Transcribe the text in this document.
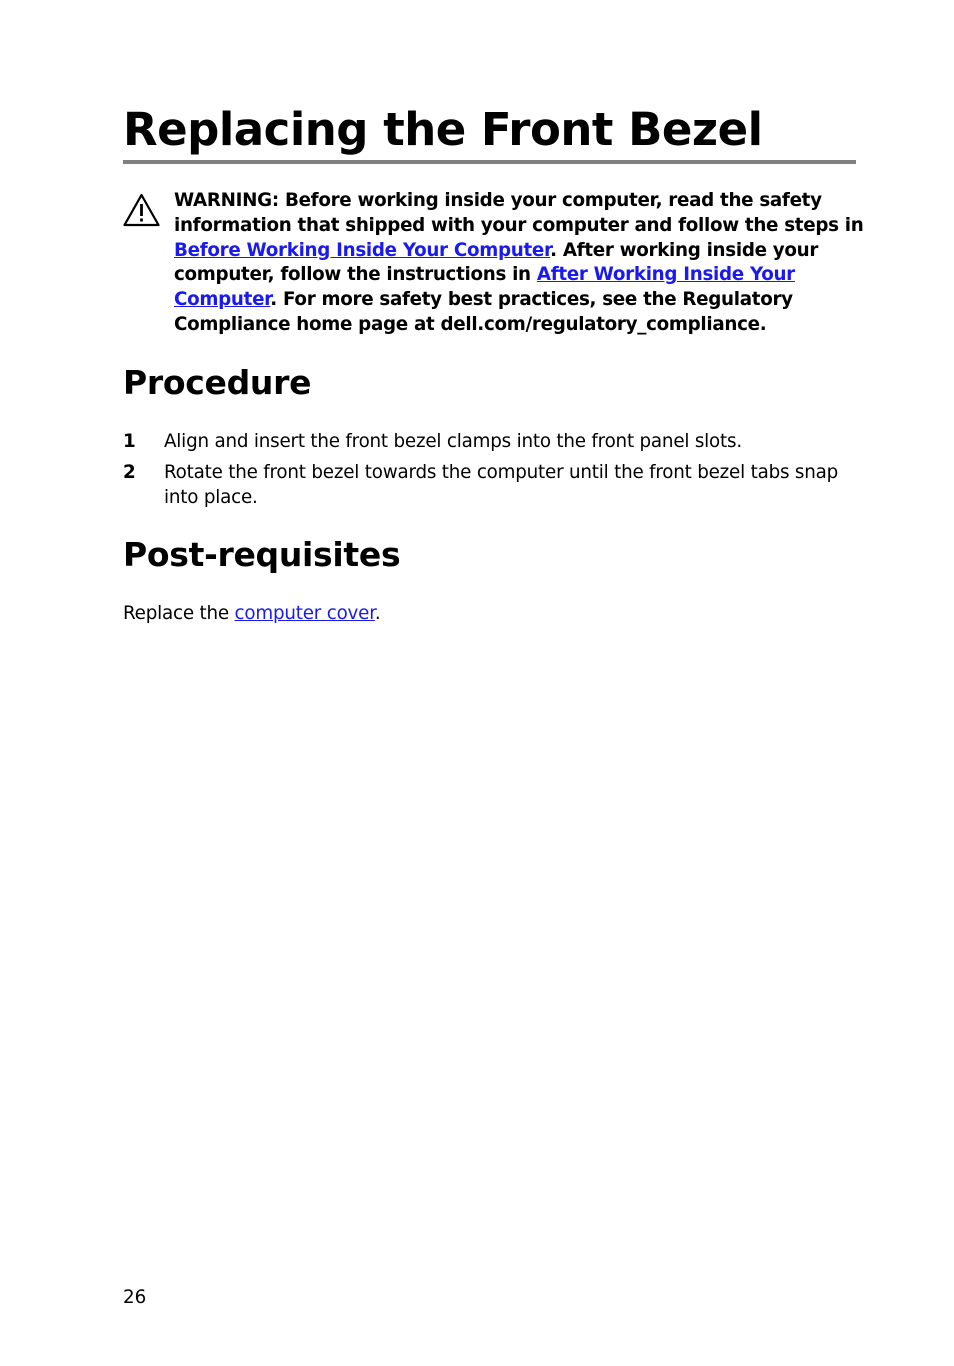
Replacing the Front Bezel
WARNING: Before working inside your computer, read the safety information that shipped with your computer and follow the steps in Before Working Inside Your Computer. After working inside your computer, follow the instructions in After Working Inside Your Computer. For more safety best practices, see the Regulatory Compliance home page at dell.com/regulatory_compliance.
Procedure
1 Align and insert the front bezel clamps into the front panel slots.
2 Rotate the front bezel towards the computer until the front bezel tabs snap into place.
Post-requisites

Replace the computer cover.

26
